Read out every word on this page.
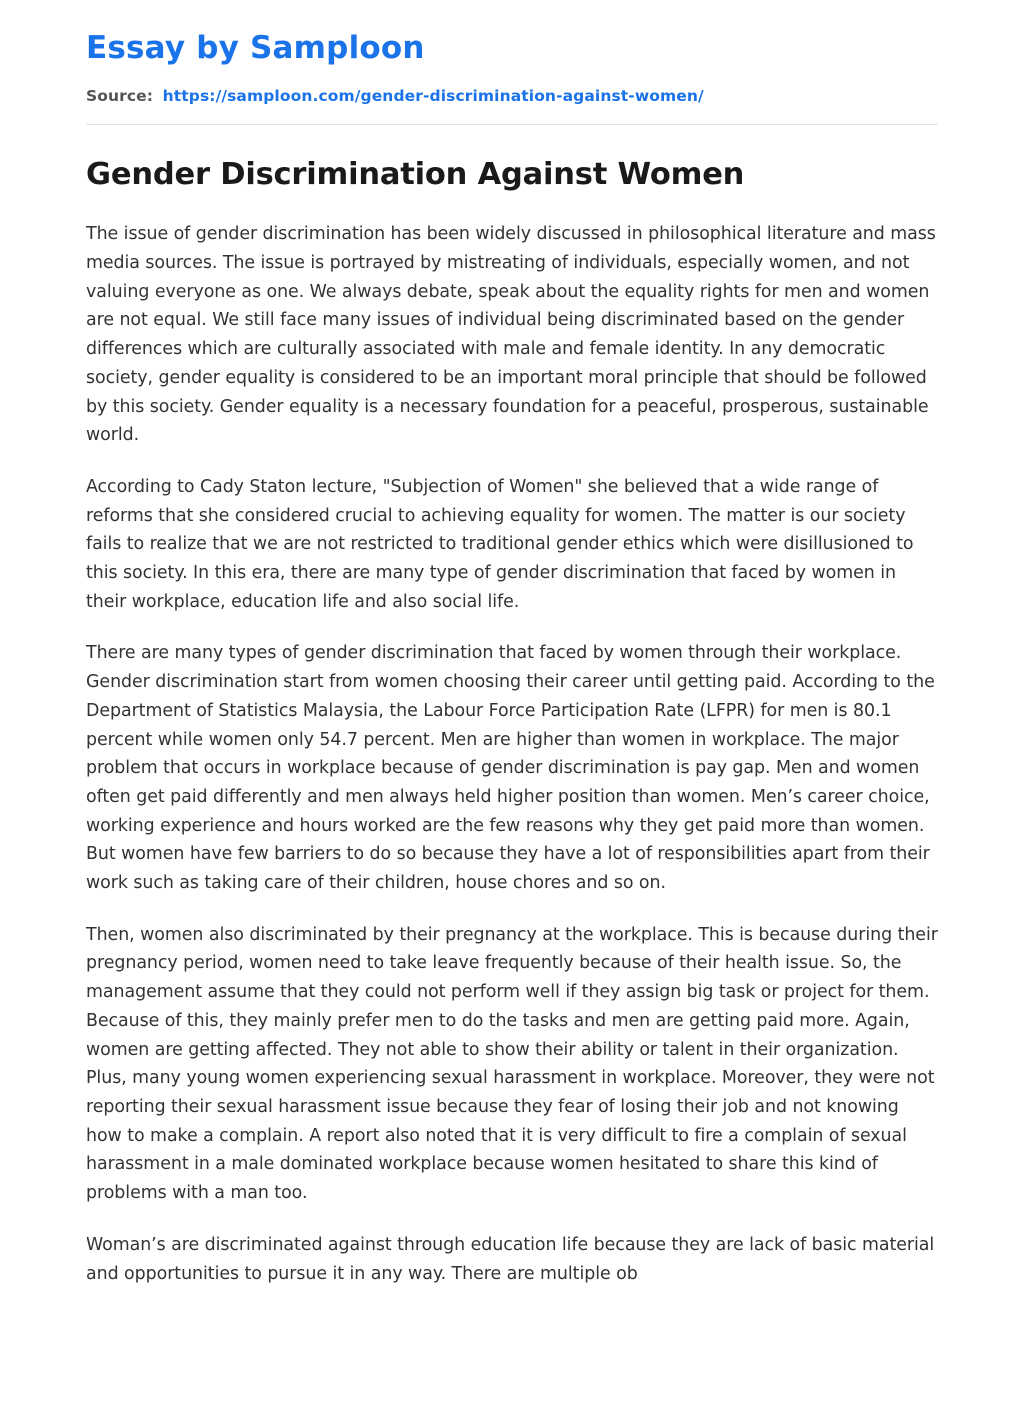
Essay by Samploon
Source: https://samploon.com/gender-discrimination-against-women/
Gender Discrimination Against Women

The issue of gender discrimination has been widely discussed in philosophical literature and mass media sources. The issue is portrayed by mistreating of individuals, especially women, and not valuing everyone as one. We always debate, speak about the equality rights for men and women are not equal. We still face many issues of individual being discriminated based on the gender differences which are culturally associated with male and female identity. In any democratic society, gender equality is considered to be an important moral principle that should be followed by this society. Gender equality is a necessary foundation for a peaceful, prosperous, sustainable world.

According to Cady Staton lecture, "Subjection of Women" she believed that a wide range of reforms that she considered crucial to achieving equality for women. The matter is our society fails to realize that we are not restricted to traditional gender ethics which were disillusioned to this society. In this era, there are many type of gender discrimination that faced by women in their workplace, education life and also social life.

There are many types of gender discrimination that faced by women through their workplace. Gender discrimination start from women choosing their career until getting paid. According to the Department of Statistics Malaysia, the Labour Force Participation Rate (LFPR) for men is 80.1 percent while women only 54.7 percent. Men are higher than women in workplace. The major problem that occurs in workplace because of gender discrimination is pay gap. Men and women often get paid differently and men always held higher position than women. Men’s career choice, working experience and hours worked are the few reasons why they get paid more than women. But women have few barriers to do so because they have a lot of responsibilities apart from their work such as taking care of their children, house chores and so on.

Then, women also discriminated by their pregnancy at the workplace. This is because during their pregnancy period, women need to take leave frequently because of their health issue. So, the management assume that they could not perform well if they assign big task or project for them. Because of this, they mainly prefer men to do the tasks and men are getting paid more. Again, women are getting affected. They not able to show their ability or talent in their organization. Plus, many young women experiencing sexual harassment in workplace. Moreover, they were not reporting their sexual harassment issue because they fear of losing their job and not knowing how to make a complain. A report also noted that it is very difficult to fire a complain of sexual harassment in a male dominated workplace because women hesitated to share this kind of problems with a man too.

Woman’s are discriminated against through education life because they are lack of basic material and opportunities to pursue it in any way. There are multiple ob
